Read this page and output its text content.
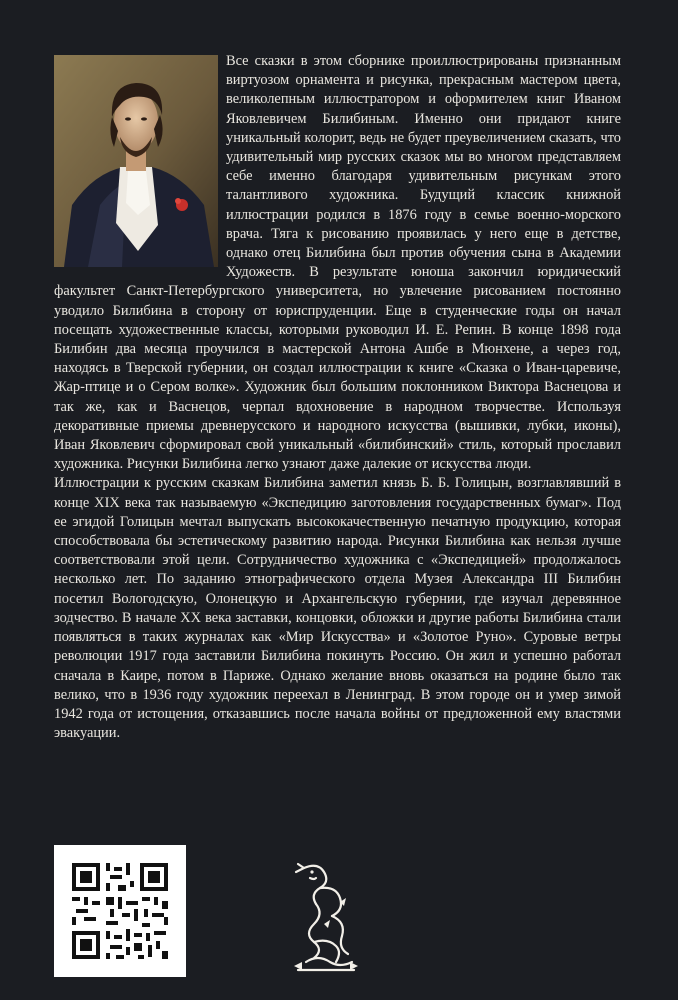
Все сказки в этом сборнике проиллюстрированы признанным виртуозом орнамента и рисунка, прекрасным мастером цвета, великолепным иллюстратором и оформителем книг Иваном Яковлевичем Билибиным. Именно они придают книге уникальный колорит, ведь не будет преувеличением сказать, что удивительный мир русских сказок мы во многом представляем себе именно благодаря удивительным рисункам этого талантливого художника. Будущий классик книжной иллюстрации родился в 1876 году в семье военно-морского врача. Тяга к рисованию проявилась у него еще в детстве, однако отец Билибина был против обучения сына в Академии Художеств. В результате юноша закончил юридический факультет Санкт-Петербургского университета, но увлечение рисованием постоянно уводило Билибина в сторону от юриспруденции. Еще в студенческие годы он начал посещать художественные классы, которыми руководил И. Е. Репин. В конце 1898 года Билибин два месяца проучился в мастерской Антона Ашбе в Мюнхене, а через год, находясь в Тверской губернии, он создал иллюстрации к книге «Сказка о Иван-царевиче, Жар-птице и о Сером волке». Художник был большим поклонником Виктора Васнецова и так же, как и Васнецов, черпал вдохновение в народном творчестве. Используя декоративные приемы древнерусского и народного искусства (вышивки, лубки, иконы), Иван Яковлевич сформировал свой уникальный «билибинский» стиль, который прославил художника. Рисунки Билибина легко узнают даже далекие от искусства люди.

Иллюстрации к русским сказкам Билибина заметил князь Б. Б. Голицын, возглавлявший в конце XIX века так называемую «Экспедицию заготовления государственных бумаг». Под ее эгидой Голицын мечтал выпускать высококачественную печатную продукцию, которая способствовала бы эстетическому развитию народа. Рисунки Билибина как нельзя лучше соответствовали этой цели. Сотрудничество художника с «Экспедицией» продолжалось несколько лет. По заданию этнографического отдела Музея Александра III Билибин посетил Вологодскую, Олонецкую и Архангельскую губернии, где изучал деревянное зодчество. В начале XX века заставки, концовки, обложки и другие работы Билибина стали появляться в таких журналах как «Мир Искусства» и «Золотое Руно». Суровые ветры революции 1917 года заставили Билибина покинуть Россию. Он жил и успешно работал сначала в Каире, потом в Париже. Однако желание вновь оказаться на родине было так велико, что в 1936 году художник переехал в Ленинград. В этом городе он и умер зимой 1942 года от истощения, отказавшись после начала войны от предложенной ему властями эвакуации.
